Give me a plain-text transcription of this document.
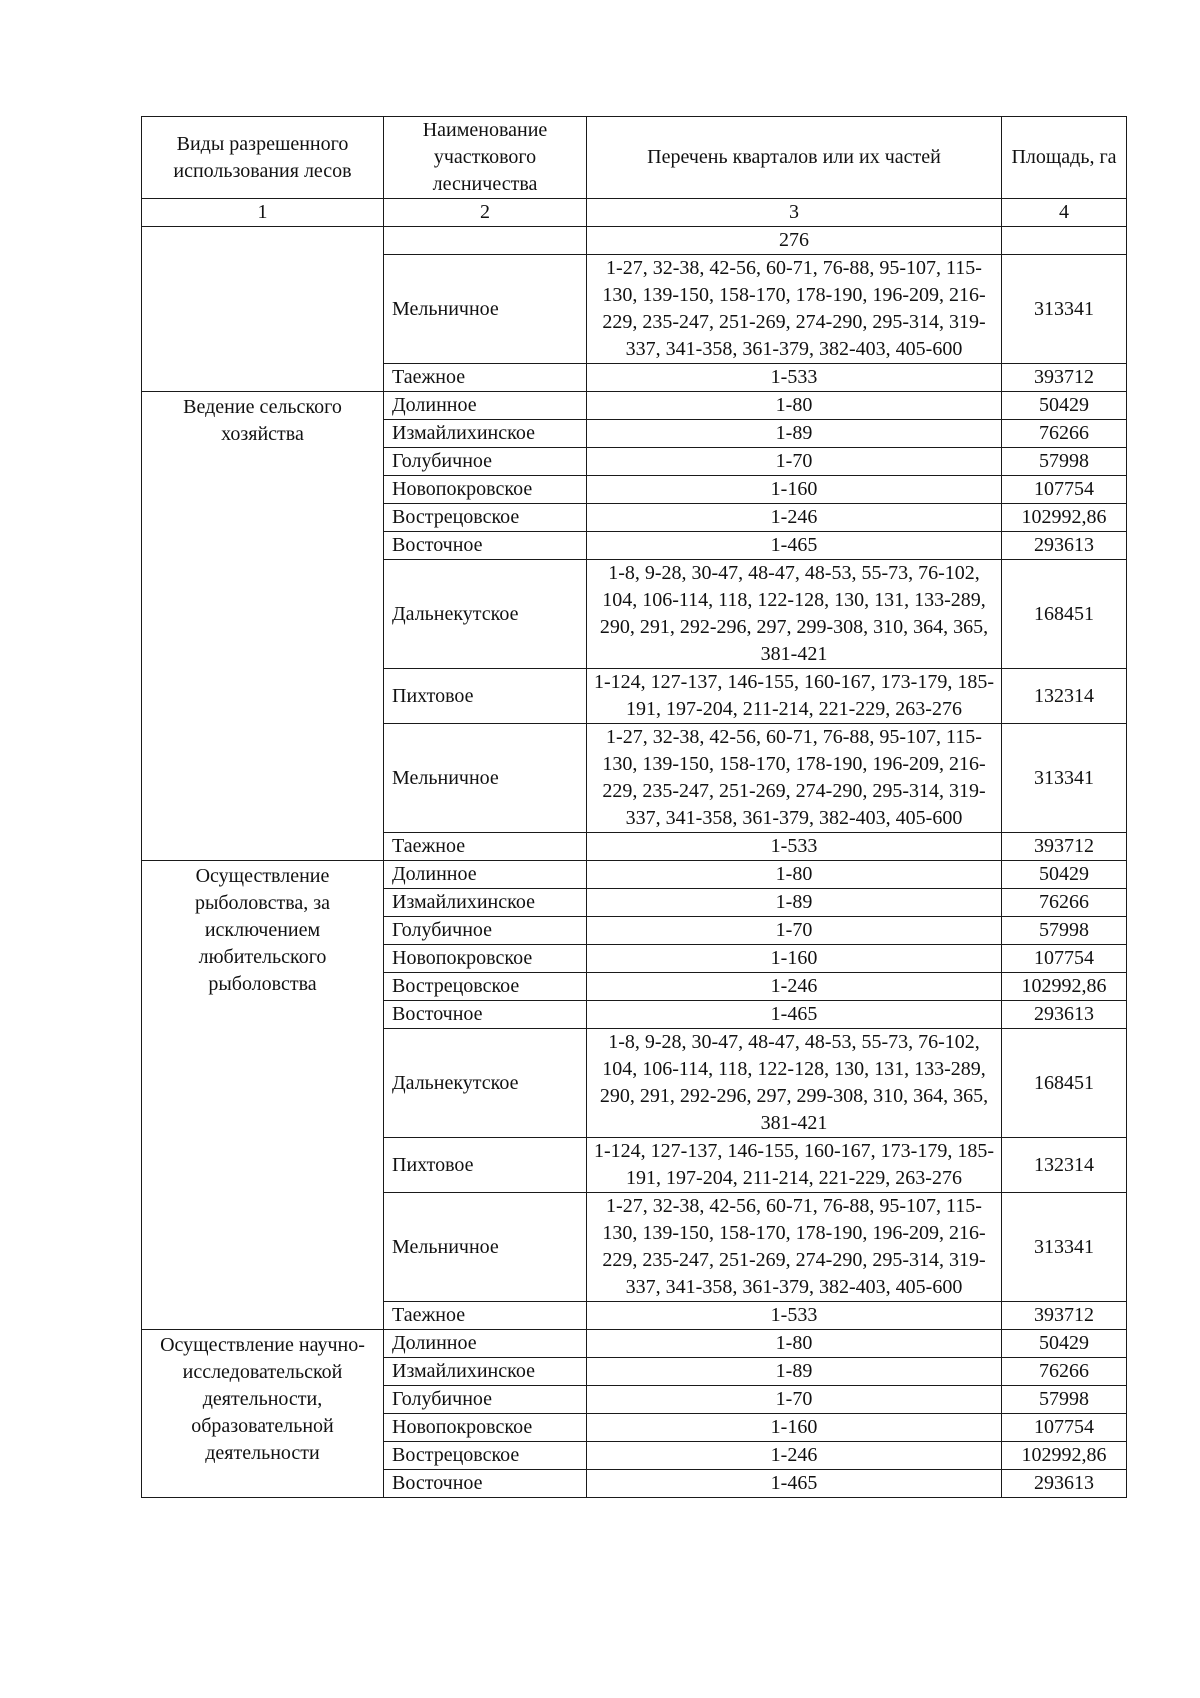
Виды разрешенного использования лесов	Наименование участкового лесничества	Перечень кварталов или их частей	Площадь, га
1	2	3	4
		276	
	Мельничное	1-27, 32-38, 42-56, 60-71, 76-88, 95-107, 115-130, 139-150, 158-170, 178-190, 196-209, 216-229, 235-247, 251-269, 274-290, 295-314, 319-337, 341-358, 361-379, 382-403, 405-600	313341
	Таежное	1-533	393712
Ведение сельского хозяйства	Долинное	1-80	50429
	Измайлихинское	1-89	76266
	Голубичное	1-70	57998
	Новопокровское	1-160	107754
	Вострецовское	1-246	102992,86
	Восточное	1-465	293613
	Дальнекутское	1-8, 9-28, 30-47, 48-47, 48-53, 55-73, 76-102, 104, 106-114, 118, 122-128, 130, 131, 133-289, 290, 291, 292-296, 297, 299-308, 310, 364, 365, 381-421	168451
	Пихтовое	1-124, 127-137, 146-155, 160-167, 173-179, 185-191, 197-204, 211-214, 221-229, 263-276	132314
	Мельничное	1-27, 32-38, 42-56, 60-71, 76-88, 95-107, 115-130, 139-150, 158-170, 178-190, 196-209, 216-229, 235-247, 251-269, 274-290, 295-314, 319-337, 341-358, 361-379, 382-403, 405-600	313341
	Таежное	1-533	393712
Осуществление рыболовства, за исключением любительского рыболовства	Долинное	1-80	50429
	Измайлихинское	1-89	76266
	Голубичное	1-70	57998
	Новопокровское	1-160	107754
	Вострецовское	1-246	102992,86
	Восточное	1-465	293613
	Дальнекутское	1-8, 9-28, 30-47, 48-47, 48-53, 55-73, 76-102, 104, 106-114, 118, 122-128, 130, 131, 133-289, 290, 291, 292-296, 297, 299-308, 310, 364, 365, 381-421	168451
	Пихтовое	1-124, 127-137, 146-155, 160-167, 173-179, 185-191, 197-204, 211-214, 221-229, 263-276	132314
	Мельничное	1-27, 32-38, 42-56, 60-71, 76-88, 95-107, 115-130, 139-150, 158-170, 178-190, 196-209, 216-229, 235-247, 251-269, 274-290, 295-314, 319-337, 341-358, 361-379, 382-403, 405-600	313341
	Таежное	1-533	393712
Осуществление научно-исследовательской деятельности, образовательной деятельности	Долинное	1-80	50429
	Измайлихинское	1-89	76266
	Голубичное	1-70	57998
	Новопокровское	1-160	107754
	Вострецовское	1-246	102992,86
	Восточное	1-465	293613
